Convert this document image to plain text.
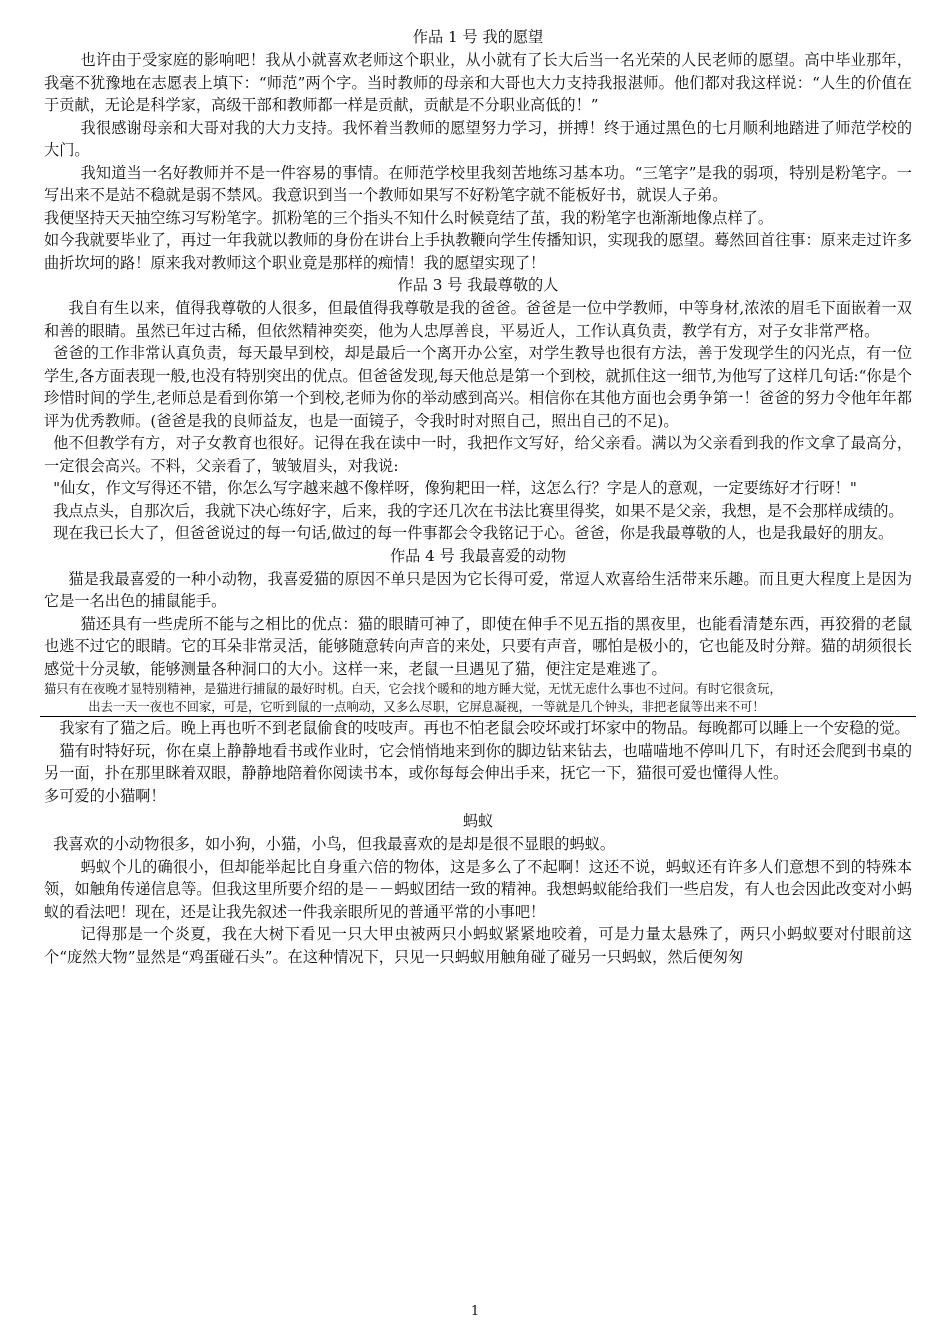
作品 1 号 我的愿望

也许由于受家庭的影响吧！我从小就喜欢老师这个职业，从小就有了长大后当一名光荣的人民老师的愿望。高中毕业那年，我毫不犹豫地在志愿表上填下：“师范”两个字。当时教师的母亲和大哥也大力支持我报湛师。他们都对我这样说：“人生的价值在于贡献，无论是科学家，高级干部和教师都一样是贡献，贡献是不分职业高低的！”

我很感谢母亲和大哥对我的大力支持。我怀着当教师的愿望努力学习，拼搏！终于通过黑色的七月顺利地踏进了师范学校的大门。

我知道当一名好教师并不是一件容易的事情。在师范学校里我刻苦地练习基本功。“三笔字”是我的弱项，特别是粉笔字。一写出来不是站不稳就是弱不禁风。我意识到当一个教师如果写不好粉笔字就不能板好书，就误人子弟。

我便坚持天天抽空练习写粉笔字。抓粉笔的三个指头不知什么时候竟结了茧，我的粉笔字也渐渐地像点样了。

如今我就要毕业了，再过一年我就以教师的身份在讲台上手执教鞭向学生传播知识，实现我的愿望。蓦然回首往事：原来走过许多曲折坎坷的路！原来我对教师这个职业竟是那样的痴情！我的愿望实现了！

作品 3 号 我最尊敬的人

我自有生以来，值得我尊敬的人很多，但最值得我尊敬是我的爸爸。爸爸是一位中学教师，中等身材,浓浓的眉毛下面嵌着一双和善的眼睛。虽然已年过古稀，但依然精神奕奕，他为人忠厚善良，平易近人，工作认真负责，教学有方，对子女非常严格。

爸爸的工作非常认真负责，每天最早到校，却是最后一个离开办公室，对学生教导也很有方法，善于发现学生的闪光点，有一位学生,各方面表现一般,也没有特别突出的优点。但爸爸发现,每天他总是第一个到校，就抓住这一细节,为他写了这样几句话:“你是个珍惜时间的学生,老师总是看到你第一个到校,老师为你的举动感到高兴。相信你在其他方面也会勇争第一！爸爸的努力令他年年都评为优秀教师。(爸爸是我的良师益友，也是一面镜子，令我时时对照自己，照出自己的不足)。

他不但教学有方，对子女教育也很好。记得在我在读中一时，我把作文写好，给父亲看。满以为父亲看到我的作文拿了最高分，一定很会高兴。不料，父亲看了，皱皱眉头，对我说:

"仙女，作文写得还不错，你怎么写字越来越不像样呀，像狗耙田一样，这怎么行？字是人的意观，一定要练好才行呀！"

我点点头，自那次后，我就下决心练好字，后来，我的字还几次在书法比赛里得奖，如果不是父亲，我想，是不会那样成绩的。

现在我已长大了，但爸爸说过的每一句话,做过的每一件事都会令我铭记于心。爸爸，你是我最尊敬的人，也是我最好的朋友。

作品 4 号 我最喜爱的动物

猫是我最喜爱的一种小动物，我喜爱猫的原因不单只是因为它长得可爱，常逗人欢喜给生活带来乐趣。而且更大程度上是因为它是一名出色的捕鼠能手。

猫还具有一些虎所不能与之相比的优点：猫的眼睛可神了，即使在伸手不见五指的黑夜里，也能看清楚东西，再狡猾的老鼠也逃不过它的眼睛。它的耳朵非常灵活，能够随意转向声音的来处，只要有声音，哪怕是极小的，它也能及时分辩。猫的胡须很长感觉十分灵敏，能够测量各种洞口的大小。这样一来，老鼠一旦遇见了猫，便注定是难逃了。

猫只有在夜晚才显特别精神，是猫进行捕鼠的最好时机。白天，它会找个暖和的地方睡大觉，无忧无虑什么事也不过问。有时它很贪玩，

出去一天一夜也不回家，可是，它听到鼠的一点响动，又多么尽职，它屏息凝视，一等就是几个钟头，非把老鼠等出来不可！

我家有了猫之后。晚上再也听不到老鼠偷食的吱吱声。再也不怕老鼠会咬坏或打坏家中的物品。每晚都可以睡上一个安稳的觉。

猫有时特好玩，你在桌上静静地看书或作业时，它会悄悄地来到你的脚边钻来钻去，也喵喵地不停叫几下，有时还会爬到书桌的另一面，扑在那里眯着双眼，静静地陪着你阅读书本，或你每每会伸出手来，抚它一下，猫很可爱也懂得人性。

多可爱的小猫啊！

蚂蚁

我喜欢的小动物很多，如小狗，小猫，小鸟，但我最喜欢的是却是很不显眼的蚂蚁。

蚂蚁个儿的确很小，但却能举起比自身重六倍的物体，这是多么了不起啊！这还不说，蚂蚁还有许多人们意想不到的特殊本领，如触角传递信息等。但我这里所要介绍的是－－蚂蚁团结一致的精神。我想蚂蚁能给我们一些启发，有人也会因此改变对小蚂蚁的看法吧！现在，还是让我先叙述一件我亲眼所见的普通平常的小事吧！

记得那是一个炎夏，我在大树下看见一只大甲虫被两只小蚂蚁紧紧地咬着，可是力量太悬殊了，两只小蚂蚁要对付眼前这个“庞然大物”显然是“鸡蛋碰石头”。在这种情况下，只见一只蚂蚁用触角碰了碰另一只蚂蚁，然后便匆匆

1
